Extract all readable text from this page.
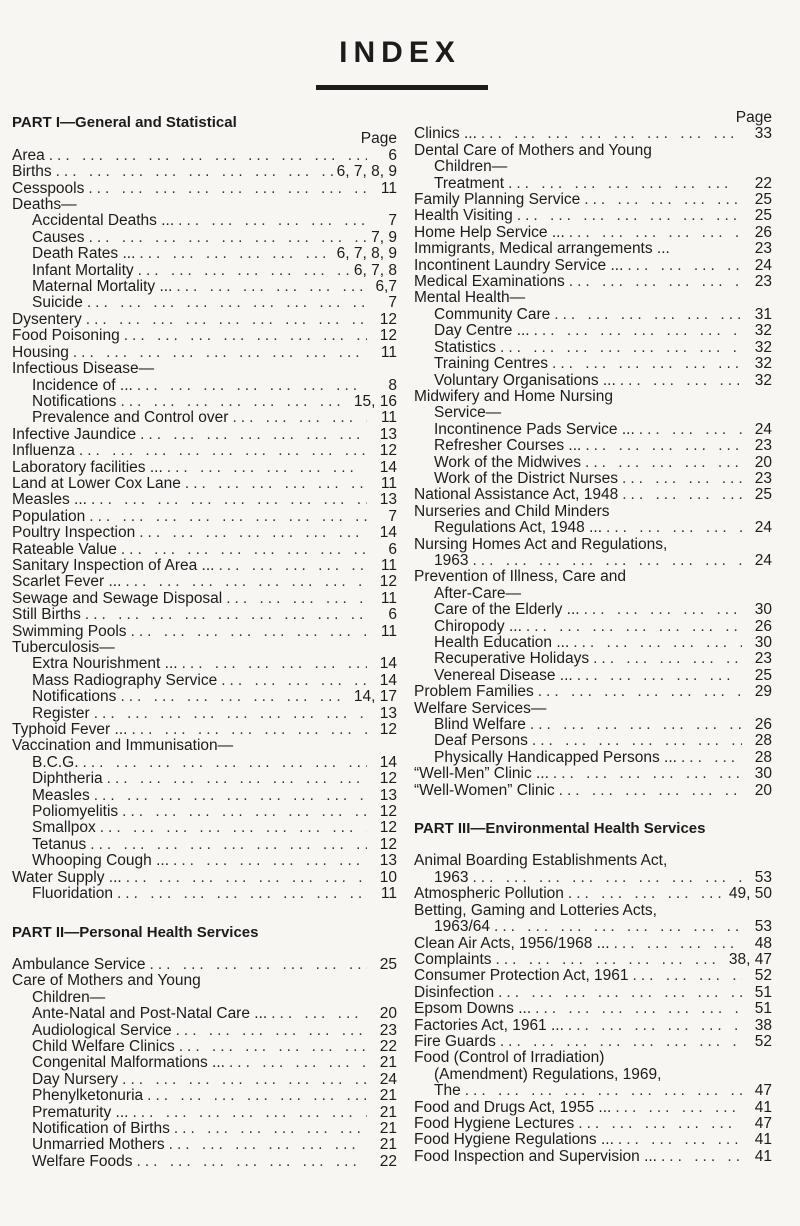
INDEX
PART I—General and Statistical
Page
Area ... .	6
Births ... .	6, 7, 8, 9
Cesspools ... .	11
Deaths—
Accidental Deaths ... ... .	7
Causes ... .	7, 9
Death Rates ... ... .	6, 7, 8, 9
Infant Mortality ... .	6, 7, 8
Maternal Mortality ... ... .	6,7
Suicide ... .	7
Dysentery ... .	12
Food Poisoning ... .	12
Housing ... .	11
Infectious Disease—
Incidence of ... ... .	8
Notifications ... .	15, 16
Prevalence and Control over ... .	11
Infective Jaundice ... .	13
Influenza ... .	12
Laboratory facilities ... ... .	14
Land at Lower Cox Lane ... .	11
Measles ... ... .	13
Population ... .	7
Poultry Inspection ... .	14
Rateable Value ... .	6
Sanitary Inspection of Area ... ... .	11
Scarlet Fever ... ... .	12
Sewage and Sewage Disposal ... .	11
Still Births ... .	6
Swimming Pools ... .	11
Tuberculosis—
Extra Nourishment ... ... .	14
Mass Radiography Service ... .	14
Notifications ... .	14, 17
Register ... .	13
Typhoid Fever ... ... .	12
Vaccination and Immunisation—
B.C.G. ... .	14
Diphtheria ... .	12
Measles ... .	13
Poliomyelitis ... .	12
Smallpox ... .	12
Tetanus ... .	12
Whooping Cough ... ... .	13
Water Supply ... ... .	10
Fluoridation ... .	11
PART II—Personal Health Services
Ambulance Service ... .	25
Care of Mothers and Young
Children—
Ante-Natal and Post-Natal Care ... ... .	20
Audiological Service ... .	23
Child Welfare Clinics ... .	22
Congenital Malformations ... ... .	21
Day Nursery ... .	24
Phenylketonuria ... .	21
Prematurity ... ... .	21
Notification of Births ... .	21
Unmarried Mothers ... .	21
Welfare Foods ... .	22
Page
Clinics ... ... .	33
Dental Care of Mothers and Young
Children—
Treatment ... .	22
Family Planning Service ... .	25
Health Visiting ... .	25
Home Help Service ... ... .	26
Immigrants, Medical arrangements ...	23
Incontinent Laundry Service ... ... .	24
Medical Examinations ... .	23
Mental Health—
Community Care ... .	31
Day Centre ... ... .	32
Statistics ... .	32
Training Centres ... .	32
Voluntary Organisations ... ... .	32
Midwifery and Home Nursing
Service—
Incontinence Pads Service ... ... .	24
Refresher Courses ... ... .	23
Work of the Midwives ... .	20
Work of the District Nurses ... .	23
National Assistance Act, 1948 ... .	25
Nurseries and Child Minders
Regulations Act, 1948 ... ... .	24
Nursing Homes Act and Regulations,
1963 ... .	24
Prevention of Illness, Care and
After-Care—
Care of the Elderly ... ... .	30
Chiropody ... ... .	26
Health Education ... ... .	30
Recuperative Holidays ... .	23
Venereal Disease ... ... .	25
Problem Families ... .	29
Welfare Services—
Blind Welfare ... .	26
Deaf Persons ... .	28
Physically Handicapped Persons ... ... .	28
“Well-Men” Clinic ... ... .	30
“Well-Women” Clinic ... .	20
PART III—Environmental Health Services
Animal Boarding Establishments Act,
1963 ... .	53
Atmospheric Pollution ... .	49, 50
Betting, Gaming and Lotteries Acts,
1963/64 ... .	53
Clean Air Acts, 1956/1968 ... ... .	48
Complaints ... .	38, 47
Consumer Protection Act, 1961 ... .	52
Disinfection ... .	51
Epsom Downs ... ... .	51
Factories Act, 1961 ... ... .	38
Fire Guards ... .	52
Food (Control of Irradiation)
(Amendment) Regulations, 1969,
The ... .	47
Food and Drugs Act, 1955 ... ... .	41
Food Hygiene Lectures ... .	47
Food Hygiene Regulations ... ... .	41
Food Inspection and Supervision ... ... .	41
